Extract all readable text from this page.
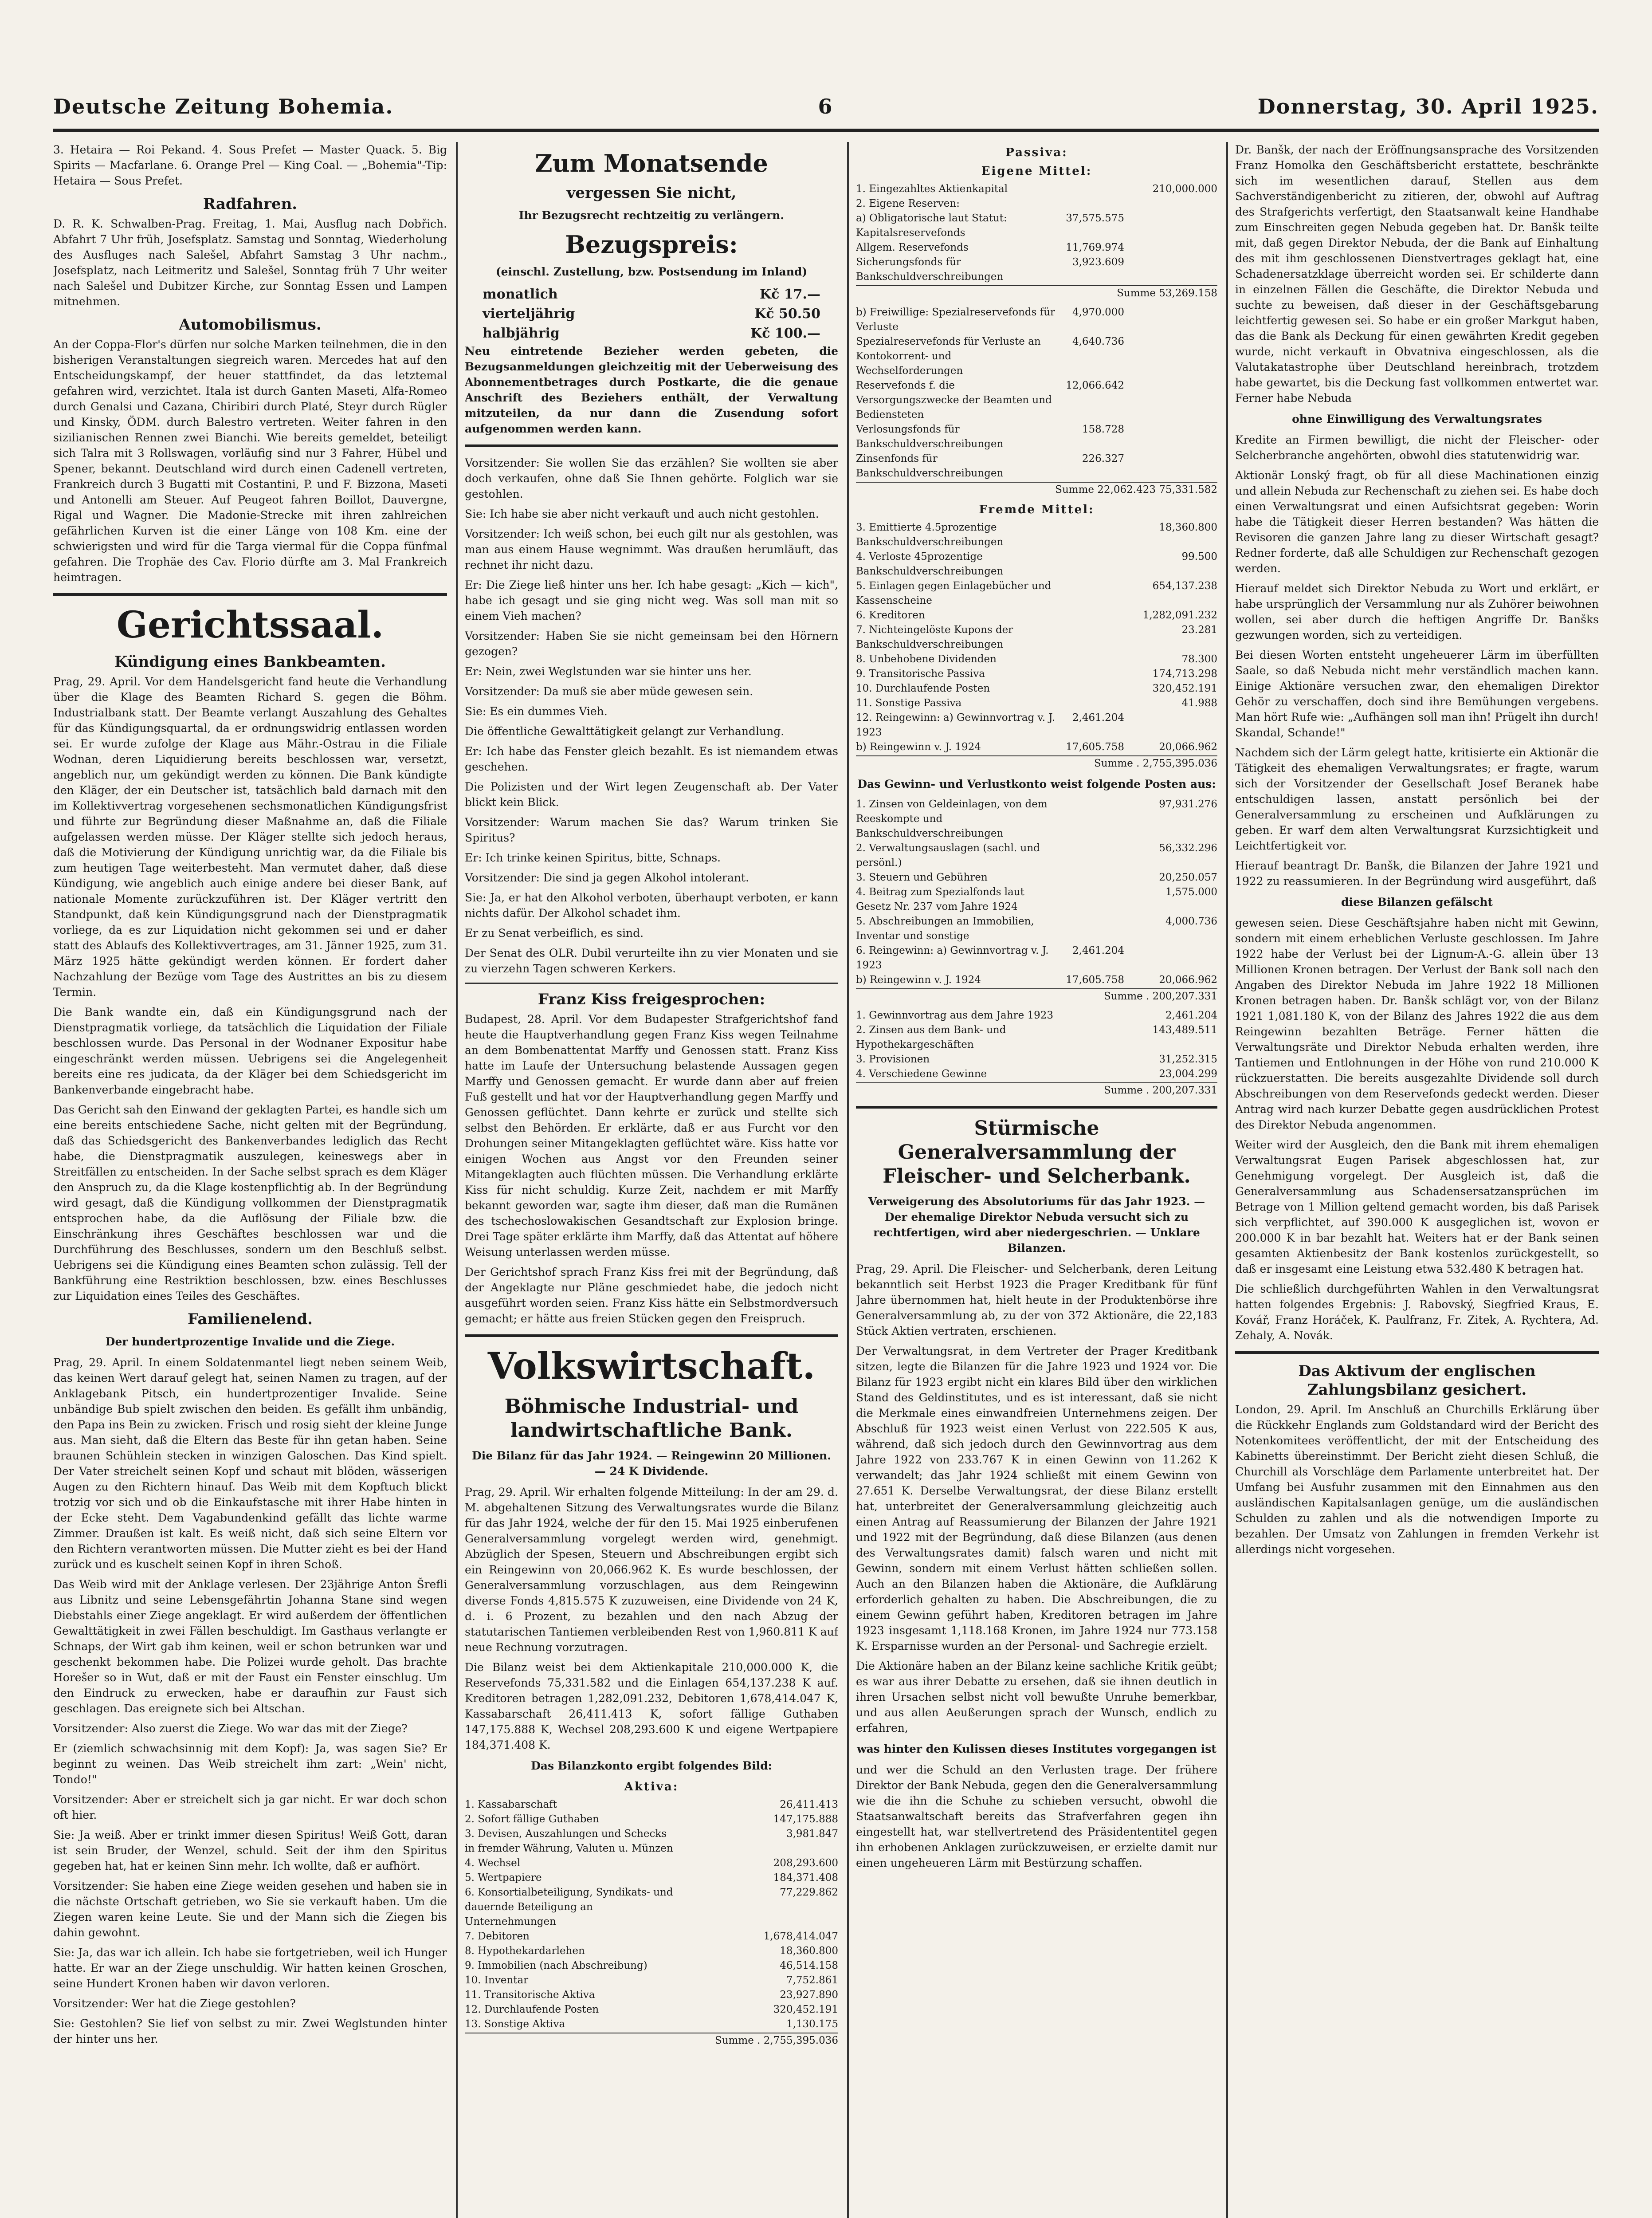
Deutsche Zeitung Bohemia.	6	Donnerstag, 30. April 1925.

3. Hetaira — Roi Pekand. 4. Sous Prefet — Master Quack. 5. Big Spirits — Macfarlane. 6. Orange Prel — King Coal. — „Bohemia"-Tip: Hetaira — Sous Prefet.

Radfahren.

D. R. K. Schwalben-Prag. Freitag, 1. Mai, Ausflug nach Dobřich. Abfahrt 7 Uhr früh, Josefsplatz. Samstag und Sonntag, Wiederholung des Ausfluges nach Salešel, Abfahrt Samstag 3 Uhr nachm., Josefsplatz, nach Leitmeritz und Salešel, Sonntag früh 7 Uhr weiter nach Salešel und Dubitzer Kirche, zur Sonntag Essen und Lampen mitnehmen.

Automobilismus.

An der Coppa-Flor's dürfen nur solche Marken teilnehmen, die in den bisherigen Veranstaltungen siegreich waren. Mercedes hat auf den Entscheidungskampf, der heuer stattfindet, da das letztemal gefahren wird, verzichtet. Itala ist durch Ganten Maseti, Alfa-Romeo durch Genalsi und Cazana, Chiribiri durch Platé, Steyr durch Rügler und Kinsky, ÖDM. durch Balestro vertreten. Weiter fahren in den sizilianischen Rennen zwei Bianchi. Wie bereits gemeldet, beteiligt sich Talra mit 3 Rollswagen, vorläufig sind nur 3 Fahrer, Hübel und Spener, bekannt. Deutschland wird durch einen Cadenell vertreten, Frankreich durch 3 Bugatti mit Costantini, P. und F. Bizzona, Maseti und Antonelli am Steuer. Auf Peugeot fahren Boillot, Dauvergne, Rigal und Wagner. Die Madonie-Strecke mit ihren zahlreichen gefährlichen Kurven ist die einer Länge von 108 Km. eine der schwierigsten und wird für die Targa viermal für die Coppa fünfmal gefahren. Die Trophäe des Cav. Florio dürfte am 3. Mal Frankreich heimtragen.

Gerichtssaal.
Kündigung eines Bankbeamten.

Prag, 29. April. Vor dem Handelsgericht fand heute die Verhandlung über die Klage des Beamten Richard S. gegen die Böhm. Industrialbank statt. Der Beamte verlangt Auszahlung des Gehaltes für das Kündigungsquartal, da er ordnungswidrig entlassen worden sei. Er wurde zufolge der Klage aus Mähr.-Ostrau in die Filiale Wodnan, deren Liquidierung bereits beschlossen war, versetzt, angeblich nur, um gekündigt werden zu können. Die Bank kündigte den Kläger, der ein Deutscher ist, tatsächlich bald darnach mit den im Kollektivvertrag vorgesehenen sechsmonatlichen Kündigungsfrist und führte zur Begründung dieser Maßnahme an, daß die Filiale aufgelassen werden müsse. Der Kläger stellte sich jedoch heraus, daß die Motivierung der Kündigung unrichtig war, da die Filiale bis zum heutigen Tage weiterbesteht. Man vermutet daher, daß diese Kündigung, wie angeblich auch einige andere bei dieser Bank, auf nationale Momente zurückzuführen ist. Der Kläger vertritt den Standpunkt, daß kein Kündigungsgrund nach der Dienstpragmatik vorliege, da es zur Liquidation nicht gekommen sei und er daher statt des Ablaufs des Kollektivvertrages, am 31. Jänner 1925, zum 31. März 1925 hätte gekündigt werden können. Er fordert daher Nachzahlung der Bezüge vom Tage des Austrittes an bis zu diesem Termin.

Die Bank wandte ein, daß ein Kündigungsgrund nach der Dienstpragmatik vorliege, da tatsächlich die Liquidation der Filiale beschlossen wurde. Das Personal in der Wodnaner Expositur habe eingeschränkt werden müssen. Uebrigens sei die Angelegenheit bereits eine res judicata, da der Kläger bei dem Schiedsgericht im Bankenverbande eingebracht habe.

Das Gericht sah den Einwand der geklagten Partei, es handle sich um eine bereits entschiedene Sache, nicht gelten mit der Begründung, daß das Schiedsgericht des Bankenverbandes lediglich das Recht habe, die Dienstpragmatik auszulegen, keineswegs aber in Streitfällen zu entscheiden. In der Sache selbst sprach es dem Kläger den Anspruch zu, da die Klage kostenpflichtig ab. In der Begründung wird gesagt, daß die Kündigung vollkommen der Dienstpragmatik entsprochen habe, da die Auflösung der Filiale bzw. die Einschränkung ihres Geschäftes beschlossen war und die Durchführung des Beschlusses, sondern um den Beschluß selbst. Uebrigens sei die Kündigung eines Beamten schon zulässig. Tell der Bankführung eine Restriktion beschlossen, bzw. eines Beschlusses zur Liquidation eines Teiles des Geschäftes.

Familienelend.
Der hundertprozentige Invalide und die Ziege.

Prag, 29. April. In einem Soldatenmantel liegt neben seinem Weib, das keinen Wert darauf gelegt hat, seinen Namen zu tragen, auf der Anklagebank Pitsch, ein hundertprozentiger Invalide. Seine unbändige Bub spielt zwischen den beiden. Es gefällt ihm unbändig, den Papa ins Bein zu zwicken. Frisch und rosig sieht der kleine Junge aus. Man sieht, daß die Eltern das Beste für ihn getan haben. Seine braunen Schühlein stecken in winzigen Galoschen. Das Kind spielt. Der Vater streichelt seinen Kopf und schaut mit blöden, wässerigen Augen zu den Richtern hinauf. Das Weib mit dem Kopftuch blickt trotzig vor sich und ob die Einkaufstasche mit ihrer Habe hinten in der Ecke steht. Dem Vagabundenkind gefällt das lichte warme Zimmer. Draußen ist kalt. Es weiß nicht, daß sich seine Eltern vor den Richtern verantworten müssen. Die Mutter zieht es bei der Hand zurück und es kuschelt seinen Kopf in ihren Schoß.

Das Weib wird mit der Anklage verlesen. Der 23jährige Anton Šrefli aus Libnitz und seine Lebensgefährtin Johanna Stane sind wegen Diebstahls einer Ziege angeklagt. Er wird außerdem der öffentlichen Gewalttätigkeit in zwei Fällen beschuldigt. Im Gasthaus verlangte er Schnaps, der Wirt gab ihm keinen, weil er schon betrunken war und geschenkt bekommen habe. Die Polizei wurde geholt. Das brachte Horešer so in Wut, daß er mit der Faust ein Fenster einschlug. Um den Eindruck zu erwecken, habe er daraufhin zur Faust sich geschlagen. Das ereignete sich bei Altschan.

Vorsitzender: Also zuerst die Ziege. Wo war das mit der Ziege?

Er (ziemlich schwachsinnig mit dem Kopf): Ja, was sagen Sie? Er beginnt zu weinen. Das Weib streichelt ihm zart: „Wein' nicht, Tondo!"

Vorsitzender: Aber er streichelt sich ja gar nicht. Er war doch schon oft hier.

Sie: Ja weiß. Aber er trinkt immer diesen Spiritus! Weiß Gott, daran ist sein Bruder, der Wenzel, schuld. Seit der ihm den Spiritus gegeben hat, hat er keinen Sinn mehr. Ich wollte, daß er aufhört.

Vorsitzender: Sie haben eine Ziege weiden gesehen und haben sie in die nächste Ortschaft getrieben, wo Sie sie verkauft haben. Um die Ziegen waren keine Leute. Sie und der Mann sich die Ziegen bis dahin gewohnt.

Sie: Ja, das war ich allein. Ich habe sie fortgetrieben, weil ich Hunger hatte. Er war an der Ziege unschuldig. Wir hatten keinen Groschen, seine Hundert Kronen haben wir davon verloren.

Vorsitzender: Wer hat die Ziege gestohlen?

Sie: Gestohlen? Sie lief von selbst zu mir. Zwei Weglstunden hinter der hinter uns her.

Zum Monatsende
vergessen Sie nicht,
Ihr Bezugsrecht rechtzeitig zu verlängern.
Bezugspreis:
(einschl. Zustellung, bzw. Postsendung im Inland)
monatlich	Kč 17.—
vierteljährig	Kč 50.50
halbjährig	Kč 100.—

Neu eintretende Bezieher werden gebeten, die Bezugsanmeldungen gleichzeitig mit der Ueberweisung des Abonnementbetrages durch Postkarte, die die genaue Anschrift des Beziehers enthält, der Verwaltung mitzuteilen, da nur dann die Zusendung sofort aufgenommen werden kann.

Vorsitzender: Sie wollen Sie das erzählen? Sie wollten sie aber doch verkaufen, ohne daß Sie Ihnen gehörte. Folglich war sie gestohlen.

Sie: Ich habe sie aber nicht verkauft und auch nicht gestohlen.

Vorsitzender: Ich weiß schon, bei euch gilt nur als gestohlen, was man aus einem Hause wegnimmt. Was draußen herumläuft, das rechnet ihr nicht dazu.

Er: Die Ziege ließ hinter uns her. Ich habe gesagt: „Kich — kich", habe ich gesagt und sie ging nicht weg. Was soll man mit so einem Vieh machen?

Vorsitzender: Haben Sie sie nicht gemeinsam bei den Hörnern gezogen?

Er: Nein, zwei Weglstunden war sie hinter uns her.

Vorsitzender: Da muß sie aber müde gewesen sein.

Sie: Es ein dummes Vieh.

Die öffentliche Gewalttätigkeit gelangt zur Verhandlung.

Er: Ich habe das Fenster gleich bezahlt. Es ist niemandem etwas geschehen.

Die Polizisten und der Wirt legen Zeugenschaft ab. Der Vater blickt kein Blick.

Vorsitzender: Warum machen Sie das? Warum trinken Sie Spiritus?

Er: Ich trinke keinen Spiritus, bitte, Schnaps.

Vorsitzender: Die sind ja gegen Alkohol intolerant.

Sie: Ja, er hat den Alkohol verboten, überhaupt verboten, er kann nichts dafür. Der Alkohol schadet ihm.

Er zu Senat verbeiflich, es sind.

Der Senat des OLR. Dubil verurteilte ihn zu vier Monaten und sie zu vierzehn Tagen schweren Kerkers.

Franz Kiss freigesprochen:

Budapest, 28. April. Vor dem Budapester Strafgerichtshof fand heute die Hauptverhandlung gegen Franz Kiss wegen Teilnahme an dem Bombenattentat Marffy und Genossen statt. Franz Kiss hatte im Laufe der Untersuchung belastende Aussagen gegen Marffy und Genossen gemacht. Er wurde dann aber auf freien Fuß gestellt und hat vor der Hauptverhandlung gegen Marffy und Genossen geflüchtet. Dann kehrte er zurück und stellte sich selbst den Behörden. Er erklärte, daß er aus Furcht vor den Drohungen seiner Mitangeklagten geflüchtet wäre. Kiss hatte vor einigen Wochen aus Angst vor den Freunden seiner Mitangeklagten auch flüchten müssen. Die Verhandlung erklärte Kiss für nicht schuldig. Kurze Zeit, nachdem er mit Marffy bekannt geworden war, sagte ihm dieser, daß man die Rumänen des tschechoslowakischen Gesandtschaft zur Explosion bringe. Drei Tage später erklärte ihm Marffy, daß das Attentat auf höhere Weisung unterlassen werden müsse.

Der Gerichtshof sprach Franz Kiss frei mit der Begründung, daß der Angeklagte nur Pläne geschmiedet habe, die jedoch nicht ausgeführt worden seien. Franz Kiss hätte ein Selbstmordversuch gemacht; er hätte aus freien Stücken gegen den Freispruch.

Volkswirtschaft.
Böhmische Industrial- und landwirtschaftliche Bank.
Die Bilanz für das Jahr 1924. — Reingewinn 20 Millionen. — 24 K Dividende.

Prag, 29. April. Wir erhalten folgende Mitteilung: In der am 29. d. M. abgehaltenen Sitzung des Verwaltungsrates wurde die Bilanz für das Jahr 1924, welche der für den 15. Mai 1925 einberufenen Generalversammlung vorgelegt werden wird, genehmigt. Abzüglich der Spesen, Steuern und Abschreibungen ergibt sich ein Reingewinn von 20,066.962 K. Es wurde beschlossen, der Generalversammlung vorzuschlagen, aus dem Reingewinn diverse Fonds 4,815.575 K zuzuweisen, eine Dividende von 24 K, d. i. 6 Prozent, zu bezahlen und den nach Abzug der statutarischen Tantiemen verbleibenden Rest von 1,960.811 K auf neue Rechnung vorzutragen.

Die Bilanz weist bei dem Aktienkapitale 210,000.000 K, die Reservefonds 75,331.582 und die Einlagen 654,137.238 K auf. Kreditoren betragen 1,282,091.232, Debitoren 1,678,414.047 K, Kassabarschaft 26,411.413 K, sofort fällige Guthaben 147,175.888 K, Wechsel 208,293.600 K und eigene Wertpapiere 184,371.408 K.

Das Bilanzkonto ergibt folgendes Bild:
Aktiva:
1. Kassabarschaft	26,411.413
2. Sofort fällige Guthaben	147,175.888
3. Devisen, Auszahlungen und Schecks in fremder Währung, Valuten u. Münzen
3,981.847
4. Wechsel	208,293.600
5. Wertpapiere	184,371.408
6. Konsortialbeteiligung, Syndikats- und dauernde Beteiligung an Unternehmungen
77,229.862
7. Debitoren	1,678,414.047
8. Hypothekardarlehen	18,360.800
9. Immobilien (nach Abschreibung)	46,514.158
10. Inventar	7,752.861
11. Transitorische Aktiva	23,927.890
12. Durchlaufende Posten	320,452.191
13. Sonstige Aktiva	1,130.175
Summe . 2,755,395.036
Passiva:
Eigene Mittel:
1. Eingezahltes Aktienkapital	210,000.000
2. Eigene Reserven:
a) Obligatorische laut Statut: Kapitalsreservefonds
37,575.575
Allgem. Reservefonds	11,769.974
Sicherungsfonds für Bankschuldverschreibungen
3,923.609
Summe 53,269.158
b) Freiwillige: Spezialreservefonds für Verluste
4,970.000
Spezialreservefonds für Verluste an Kontokorrent- und Wechselforderungen
4,640.736
Reservefonds f. die Versorgungszwecke der Beamten und Bediensteten
12,066.642
Verlosungsfonds für Bankschuldverschreibungen
158.728
Zinsenfonds für Bankschuldverschreibungen
226.327
Summe 22,062.423 75,331.582
Fremde Mittel:
3. Emittierte 4.5prozentige Bankschuldverschreibungen
18,360.800
4. Verloste 45prozentige Bankschuldverschreibungen
99.500
5. Einlagen gegen Einlagebücher und Kassenscheine
654,137.238
6. Kreditoren	1,282,091.232
7. Nichteingelöste Kupons der Bankschuldverschreibungen
23.281
8. Unbehobene Dividenden	78.300
9. Transitorische Passiva	174,713.298
10. Durchlaufende Posten	320,452.191
11. Sonstige Passiva	41.988
12. Reingewinn: a) Gewinnvortrag v. J. 1923
2,461.204
b) Reingewinn v. J. 1924	17,605.758	20,066.962
Summe . 2,755,395.036
Das Gewinn- und Verlustkonto weist folgende Posten aus:
1. Zinsen von Geldeinlagen, von dem Reeskompte und Bankschuldverschreibungen
97,931.276
2. Verwaltungsauslagen (sachl. und persönl.)
56,332.296
3. Steuern und Gebühren	20,250.057
4. Beitrag zum Spezialfonds laut Gesetz Nr. 237 vom Jahre 1924
1,575.000
5. Abschreibungen an Immobilien, Inventar und sonstige
4,000.736
6. Reingewinn: a) Gewinnvortrag v. J. 1923
2,461.204
b) Reingewinn v. J. 1924	17,605.758	20,066.962
Summe . 200,207.331
1. Gewinnvortrag aus dem Jahre 1923	2,461.204
2. Zinsen aus dem Bank- und Hypothekargeschäften
143,489.511
3. Provisionen	31,252.315
4. Verschiedene Gewinne	23,004.299
Summe . 200,207.331
Stürmische Generalversammlung der Fleischer- und Selcherbank.
Verweigerung des Absolutoriums für das Jahr 1923. — Der ehemalige Direktor Nebuda versucht sich zu rechtfertigen, wird aber niedergeschrien. — Unklare Bilanzen.

Prag, 29. April. Die Fleischer- und Selcherbank, deren Leitung bekanntlich seit Herbst 1923 die Prager Kreditbank für fünf Jahre übernommen hat, hielt heute in der Produktenbörse ihre Generalversammlung ab, zu der von 372 Aktionäre, die 22,183 Stück Aktien vertraten, erschienen.

Der Verwaltungsrat, in dem Vertreter der Prager Kreditbank sitzen, legte die Bilanzen für die Jahre 1923 und 1924 vor. Die Bilanz für 1923 ergibt nicht ein klares Bild über den wirklichen Stand des Geldinstitutes, und es ist interessant, daß sie nicht die Merkmale eines einwandfreien Unternehmens zeigen. Der Abschluß für 1923 weist einen Verlust von 222.505 K aus, während, daß sich jedoch durch den Gewinnvortrag aus dem Jahre 1922 von 233.767 K in einen Gewinn von 11.262 K verwandelt; das Jahr 1924 schließt mit einem Gewinn von 27.651 K. Derselbe Verwaltungsrat, der diese Bilanz erstellt hat, unterbreitet der Generalversammlung gleichzeitig auch einen Antrag auf Reassumierung der Bilanzen der Jahre 1921 und 1922 mit der Begründung, daß diese Bilanzen (aus denen des Verwaltungsrates damit) falsch waren und nicht mit Gewinn, sondern mit einem Verlust hätten schließen sollen. Auch an den Bilanzen haben die Aktionäre, die Aufklärung erforderlich gehalten zu haben. Die Abschreibungen, die zu einem Gewinn geführt haben, Kreditoren betragen im Jahre 1923 insgesamt 1,118.168 Kronen, im Jahre 1924 nur 773.158 K. Ersparnisse wurden an der Personal- und Sachregie erzielt.

Die Aktionäre haben an der Bilanz keine sachliche Kritik geübt; es war aus ihrer Debatte zu ersehen, daß sie ihnen deutlich in ihren Ursachen selbst nicht voll bewußte Unruhe bemerkbar, und aus allen Aeußerungen sprach der Wunsch, endlich zu erfahren,

was hinter den Kulissen dieses Institutes vorgegangen ist

und wer die Schuld an den Verlusten trage. Der frühere Direktor der Bank Nebuda, gegen den die Generalversammlung wie die ihn die Schuhe zu schieben versucht, obwohl die Staatsanwaltschaft bereits das Strafverfahren gegen ihn eingestellt hat, war stellvertretend des Präsidententitel gegen ihn erhobenen Anklagen zurückzuweisen, er erzielte damit nur einen ungeheueren Lärm mit Bestürzung schaffen.

Dr. Banšk, der nach der Eröffnungsansprache des Vorsitzenden Franz Homolka den Geschäftsbericht erstattete, beschränkte sich im wesentlichen darauf, Stellen aus dem Sachverständigenbericht zu zitieren, der, obwohl auf Auftrag des Strafgerichts verfertigt, den Staatsanwalt keine Handhabe zum Einschreiten gegen Nebuda gegeben hat. Dr. Banšk teilte mit, daß gegen Direktor Nebuda, der die Bank auf Einhaltung des mit ihm geschlossenen Dienstvertrages geklagt hat, eine Schadenersatzklage überreicht worden sei. Er schilderte dann in einzelnen Fällen die Geschäfte, die Direktor Nebuda und suchte zu beweisen, daß dieser in der Geschäftsgebarung leichtfertig gewesen sei. So habe er ein großer Markgut haben, das die Bank als Deckung für einen gewährten Kredit gegeben wurde, nicht verkauft in Obvatniva eingeschlossen, als die Valutakatastrophe über Deutschland hereinbrach, trotzdem habe gewartet, bis die Deckung fast vollkommen entwertet war. Ferner habe Nebuda

ohne Einwilligung des Verwaltungsrates

Kredite an Firmen bewilligt, die nicht der Fleischer- oder Selcherbranche angehörten, obwohl dies statutenwidrig war.

Aktionär Lonský fragt, ob für all diese Machinationen einzig und allein Nebuda zur Rechenschaft zu ziehen sei. Es habe doch einen Verwaltungsrat und einen Aufsichtsrat gegeben: Worin habe die Tätigkeit dieser Herren bestanden? Was hätten die Revisoren die ganzen Jahre lang zu dieser Wirtschaft gesagt? Redner forderte, daß alle Schuldigen zur Rechenschaft gezogen werden.

Hierauf meldet sich Direktor Nebuda zu Wort und erklärt, er habe ursprünglich der Versammlung nur als Zuhörer beiwohnen wollen, sei aber durch die heftigen Angriffe Dr. Banšks gezwungen worden, sich zu verteidigen.

Bei diesen Worten entsteht ungeheuerer Lärm im überfüllten Saale, so daß Nebuda nicht mehr verständlich machen kann. Einige Aktionäre versuchen zwar, den ehemaligen Direktor Gehör zu verschaffen, doch sind ihre Bemühungen vergebens. Man hört Rufe wie: „Aufhängen soll man ihn! Prügelt ihn durch! Skandal, Schande!"

Nachdem sich der Lärm gelegt hatte, kritisierte ein Aktionär die Tätigkeit des ehemaligen Verwaltungsrates; er fragte, warum sich der Vorsitzender der Gesellschaft Josef Beranek habe entschuldigen lassen, anstatt persönlich bei der Generalversammlung zu erscheinen und Aufklärungen zu geben. Er warf dem alten Verwaltungsrat Kurzsichtigkeit und Leichtfertigkeit vor.

Hierauf beantragt Dr. Banšk, die Bilanzen der Jahre 1921 und 1922 zu reassumieren. In der Begründung wird ausgeführt, daß

diese Bilanzen gefälscht

gewesen seien. Diese Geschäftsjahre haben nicht mit Gewinn, sondern mit einem erheblichen Verluste geschlossen. Im Jahre 1922 habe der Verlust bei der Lignum-A.-G. allein über 13 Millionen Kronen betragen. Der Verlust der Bank soll nach den Angaben des Direktor Nebuda im Jahre 1922 18 Millionen Kronen betragen haben. Dr. Banšk schlägt vor, von der Bilanz 1921 1,081.180 K, von der Bilanz des Jahres 1922 die aus dem Reingewinn bezahlten Beträge. Ferner hätten die Verwaltungsräte und Direktor Nebuda erhalten werden, ihre Tantiemen und Entlohnungen in der Höhe von rund 210.000 K rückzuerstatten. Die bereits ausgezahlte Dividende soll durch Abschreibungen von dem Reservefonds gedeckt werden. Dieser Antrag wird nach kurzer Debatte gegen ausdrücklichen Protest des Direktor Nebuda angenommen.

Weiter wird der Ausgleich, den die Bank mit ihrem ehemaligen Verwaltungsrat Eugen Parisek abgeschlossen hat, zur Genehmigung vorgelegt. Der Ausgleich ist, daß die Generalversammlung aus Schadensersatzansprüchen im Betrage von 1 Million geltend gemacht worden, bis daß Parisek sich verpflichtet, auf 390.000 K ausgeglichen ist, wovon er 200.000 K in bar bezahlt hat. Weiters hat er der Bank seinen gesamten Aktienbesitz der Bank kostenlos zurückgestellt, so daß er insgesamt eine Leistung etwa 532.480 K betragen hat.

Die schließlich durchgeführten Wahlen in den Verwaltungsrat hatten folgendes Ergebnis: J. Rabovský, Siegfried Kraus, E. Kovář, Franz Horáček, K. Paulfranz, Fr. Zitek, A. Rychtera, Ad. Zehaly, A. Novák.

Das Aktivum der englischen Zahlungsbilanz gesichert.

London, 29. April. Im Anschluß an Churchills Erklärung über die Rückkehr Englands zum Goldstandard wird der Bericht des Notenkomitees veröffentlicht, der mit der Entscheidung des Kabinetts übereinstimmt. Der Bericht zieht diesen Schluß, die Churchill als Vorschläge dem Parlamente unterbreitet hat. Der Umfang bei Ausfuhr zusammen mit den Einnahmen aus den ausländischen Kapitalsanlagen genüge, um die ausländischen Schulden zu zahlen und als die notwendigen Importe zu bezahlen. Der Umsatz von Zahlungen in fremden Verkehr ist allerdings nicht vorgesehen.
